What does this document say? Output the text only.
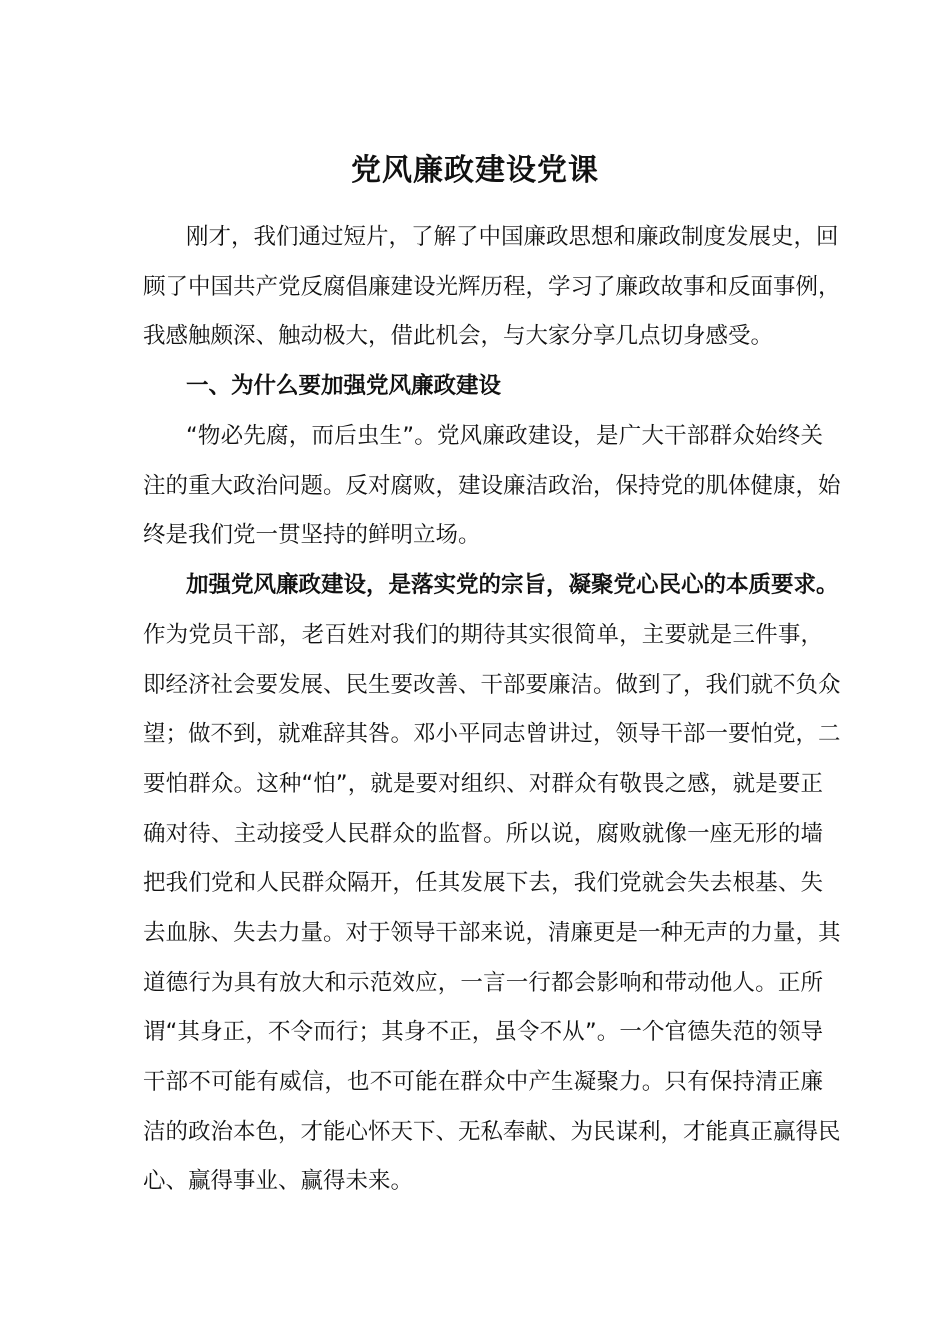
党风廉政建设党课
刚才，我们通过短片，了解了中国廉政思想和廉政制度发展史，回
顾了中国共产党反腐倡廉建设光辉历程，学习了廉政故事和反面事例，
我感触颇深、触动极大，借此机会，与大家分享几点切身感受。
一、为什么要加强党风廉政建设
“物必先腐，而后虫生”。党风廉政建设，是广大干部群众始终关
注的重大政治问题。反对腐败，建设廉洁政治，保持党的肌体健康，始
终是我们党一贯坚持的鲜明立场。
加强党风廉政建设，是落实党的宗旨，凝聚党心民心的本质要求。
作为党员干部，老百姓对我们的期待其实很简单，主要就是三件事，
即经济社会要发展、民生要改善、干部要廉洁。做到了，我们就不负众
望；做不到，就难辞其咎。邓小平同志曾讲过，领导干部一要怕党，二
要怕群众。这种“怕”，就是要对组织、对群众有敬畏之感，就是要正
确对待、主动接受人民群众的监督。所以说，腐败就像一座无形的墙
把我们党和人民群众隔开，任其发展下去，我们党就会失去根基、失
去血脉、失去力量。对于领导干部来说，清廉更是一种无声的力量，其
道德行为具有放大和示范效应，一言一行都会影响和带动他人。正所
谓“其身正，不令而行；其身不正，虽令不从”。一个官德失范的领导
干部不可能有威信，也不可能在群众中产生凝聚力。只有保持清正廉
洁的政治本色，才能心怀天下、无私奉献、为民谋利，才能真正赢得民
心、赢得事业、赢得未来。
